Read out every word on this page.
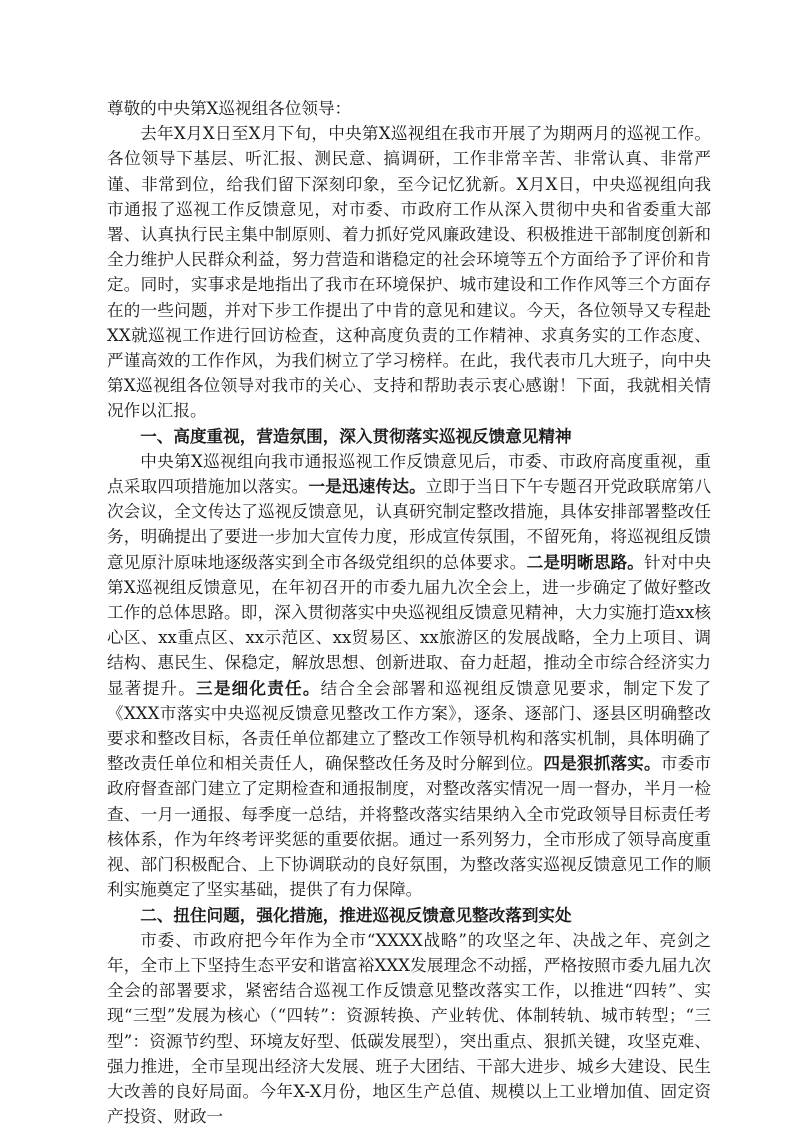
尊敬的中央第X巡视组各位领导：

去年X月X日至X月下旬，中央第X巡视组在我市开展了为期两月的巡视工作。各位领导下基层、听汇报、测民意、搞调研，工作非常辛苦、非常认真、非常严谨、非常到位，给我们留下深刻印象，至今记忆犹新。X月X日，中央巡视组向我市通报了巡视工作反馈意见，对市委、市政府工作从深入贯彻中央和省委重大部署、认真执行民主集中制原则、着力抓好党风廉政建设、积极推进干部制度创新和全力维护人民群众利益，努力营造和谐稳定的社会环境等五个方面给予了评价和肯定。同时，实事求是地指出了我市在环境保护、城市建设和工作作风等三个方面存在的一些问题，并对下步工作提出了中肯的意见和建议。今天，各位领导又专程赴XX就巡视工作进行回访检查，这种高度负责的工作精神、求真务实的工作态度、严谨高效的工作作风，为我们树立了学习榜样。在此，我代表市几大班子，向中央第X巡视组各位领导对我市的关心、支持和帮助表示衷心感谢！下面，我就相关情况作以汇报。

一、高度重视，营造氛围，深入贯彻落实巡视反馈意见精神

中央第X巡视组向我市通报巡视工作反馈意见后，市委、市政府高度重视，重点采取四项措施加以落实。一是迅速传达。立即于当日下午专题召开党政联席第八次会议，全文传达了巡视反馈意见，认真研究制定整改措施，具体安排部署整改任务，明确提出了要进一步加大宣传力度，形成宣传氛围，不留死角，将巡视组反馈意见原汁原味地逐级落实到全市各级党组织的总体要求。二是明晰思路。针对中央第X巡视组反馈意见，在年初召开的市委九届九次全会上，进一步确定了做好整改工作的总体思路。即，深入贯彻落实中央巡视组反馈意见精神，大力实施打造xx核心区、xx重点区、xx示范区、xx贸易区、xx旅游区的发展战略，全力上项目、调结构、惠民生、保稳定，解放思想、创新进取、奋力赶超，推动全市综合经济实力显著提升。三是细化责任。结合全会部署和巡视组反馈意见要求，制定下发了《XXX市落实中央巡视反馈意见整改工作方案》，逐条、逐部门、逐县区明确整改要求和整改目标，各责任单位都建立了整改工作领导机构和落实机制，具体明确了整改责任单位和相关责任人，确保整改任务及时分解到位。四是狠抓落实。市委市政府督查部门建立了定期检查和通报制度，对整改落实情况一周一督办，半月一检查、一月一通报、每季度一总结，并将整改落实结果纳入全市党政领导目标责任考核体系，作为年终考评奖惩的重要依据。通过一系列努力，全市形成了领导高度重视、部门积极配合、上下协调联动的良好氛围，为整改落实巡视反馈意见工作的顺利实施奠定了坚实基础，提供了有力保障。

二、扭住问题，强化措施，推进巡视反馈意见整改落到实处

市委、市政府把今年作为全市“XXXX战略”的攻坚之年、决战之年、亮剑之年，全市上下坚持生态平安和谐富裕XXX发展理念不动摇，严格按照市委九届九次全会的部署要求，紧密结合巡视工作反馈意见整改落实工作，以推进“四转”、实现“三型”发展为核心（“四转”：资源转换、产业转优、体制转轨、城市转型；“三型”：资源节约型、环境友好型、低碳发展型），突出重点、狠抓关键，攻坚克难、强力推进，全市呈现出经济大发展、班子大团结、干部大进步、城乡大建设、民生大改善的良好局面。今年X-X月份，地区生产总值、规模以上工业增加值、固定资产投资、财政一
